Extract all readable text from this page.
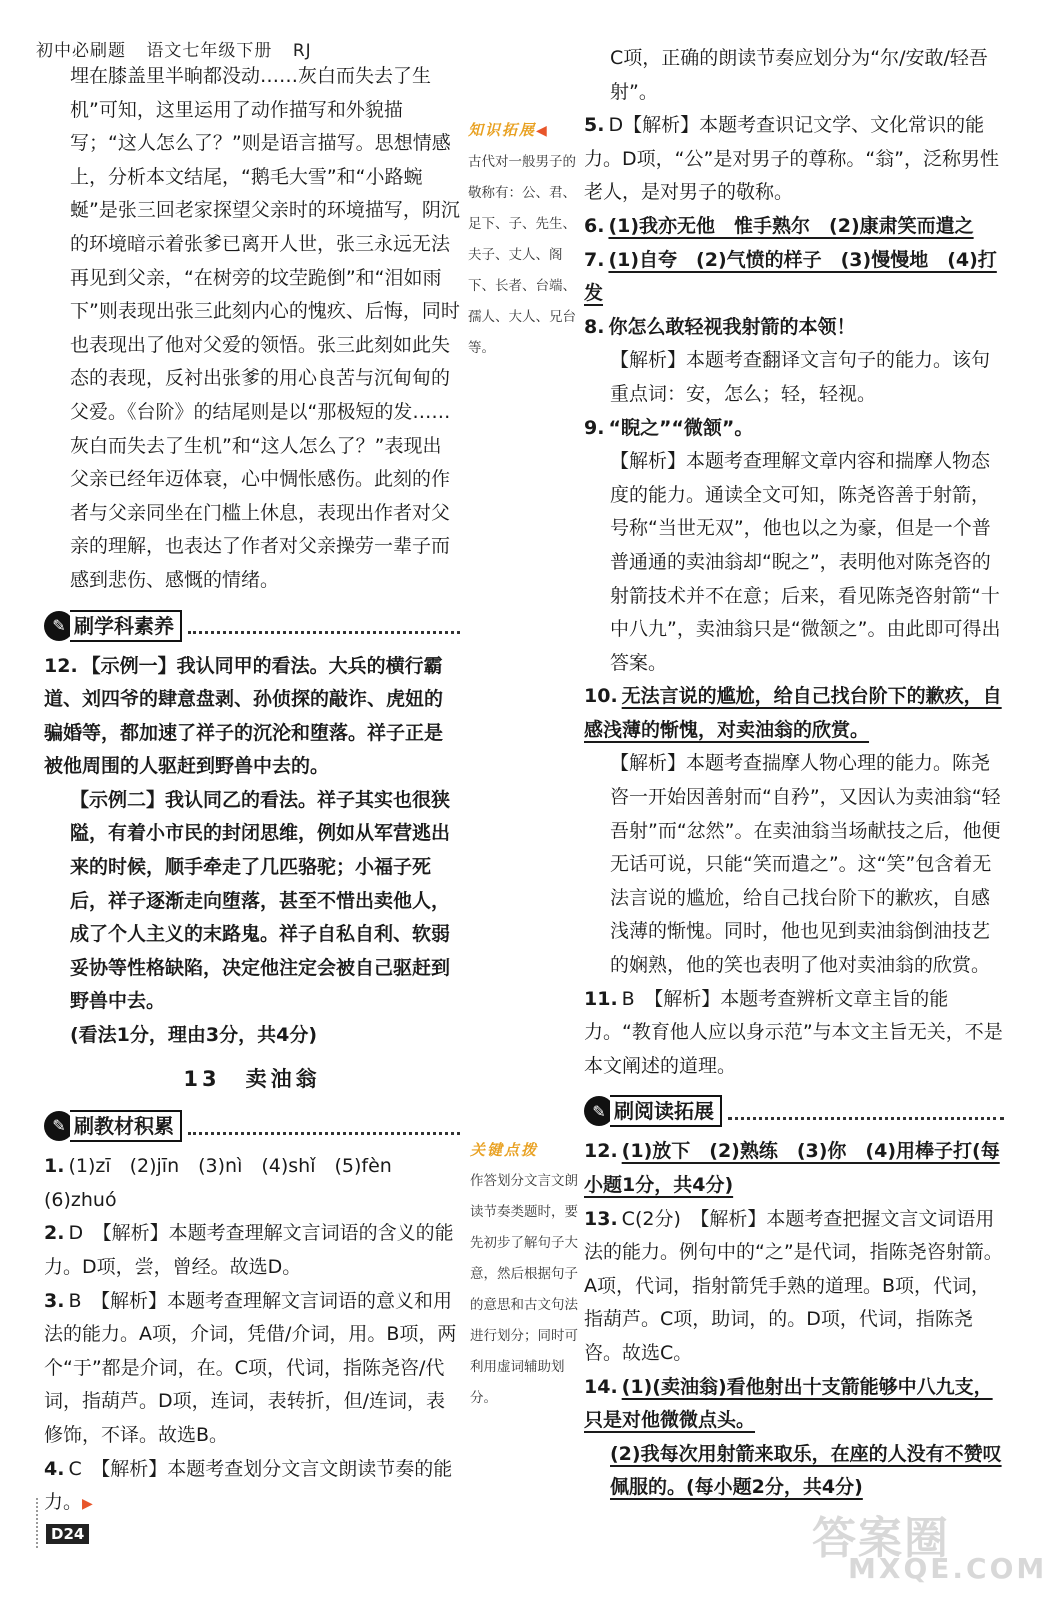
初中必刷题 语文七年级下册 RJ

埋在膝盖里半晌都没动……灰白而失去了生机”可知，这里运用了动作描写和外貌描写；“这人怎么了？”则是语言描写。思想情感上，分析本文结尾，“鹅毛大雪”和“小路蜿蜒”是张三回老家探望父亲时的环境描写，阴沉的环境暗示着张爹已离开人世，张三永远无法再见到父亲，“在树旁的坟茔跪倒”和“泪如雨下”则表现出张三此刻内心的愧疚、后悔，同时也表现出了他对父爱的领悟。张三此刻如此失态的表现，反衬出张爹的用心良苦与沉甸甸的父爱。《台阶》的结尾则是以“那极短的发……灰白而失去了生机”和“这人怎么了？”表现出父亲已经年迈体衰，心中惆怅感伤。此刻的作者与父亲同坐在门槛上休息，表现出作者对父亲的理解，也表达了作者对父亲操劳一辈子而感到悲伤、感慨的情绪。

✎ 刷学科素养

12. 【示例一】我认同甲的看法。大兵的横行霸道、刘四爷的肆意盘剥、孙侦探的敲诈、虎妞的骗婚等，都加速了祥子的沉沦和堕落。祥子正是被他周围的人驱赶到野兽中去的。

【示例二】我认同乙的看法。祥子其实也很狭隘，有着小市民的封闭思维，例如从军营逃出来的时候，顺手牵走了几匹骆驼；小福子死后，祥子逐渐走向堕落，甚至不惜出卖他人，成了个人主义的末路鬼。祥子自私自利、软弱妥协等性格缺陷，决定他注定会被自己驱赶到野兽中去。

(看法1分，理由3分，共4分)

13　卖油翁

✎ 刷教材积累

1. (1)zī　(2)jīn　(3)nì　(4)shǐ　(5)fèn　(6)zhuó

2. D　【解析】本题考查理解文言词语的含义的能力。D项，尝，曾经。故选D。

3. B　【解析】本题考查理解文言词语的意义和用法的能力。A项，介词，凭借/介词，用。B项，两个“于”都是介词，在。C项，代词，指陈尧咨/代词，指葫芦。D项，连词，表转折，但/连词，表修饰，不译。故选B。

4. C　【解析】本题考查划分文言文朗读节奏的能力。▶

知识拓展◀
古代对一般男子的敬称有：公、君、足下、子、先生、夫子、丈人、阁下、长者、台端、孺人、大人、兄台等。
关键点拨
作答划分文言文朗读节奏类题时，要先初步了解句子大意，然后根据句子的意思和古文句法进行划分；同时可利用虚词辅助划分。

C项，正确的朗读节奏应划分为“尔/安敢/轻吾射”。

5. D【解析】本题考查识记文学、文化常识的能力。D项，“公”是对男子的尊称。“翁”，泛称男性老人，是对男子的敬称。

6. (1)我亦无他　惟手熟尔　(2)康肃笑而遣之

7. (1)自夸　(2)气愤的样子　(3)慢慢地　(4)打发

8. 你怎么敢轻视我射箭的本领！

【解析】本题考查翻译文言句子的能力。该句重点词：安，怎么；轻，轻视。

9. “睨之”“微颔”。

【解析】本题考查理解文章内容和揣摩人物态度的能力。通读全文可知，陈尧咨善于射箭，号称“当世无双”，他也以之为豪，但是一个普普通通的卖油翁却“睨之”，表明他对陈尧咨的射箭技术并不在意；后来，看见陈尧咨射箭“十中八九”，卖油翁只是“微颔之”。由此即可得出答案。

10. 无法言说的尴尬，给自己找台阶下的歉疚，自感浅薄的惭愧，对卖油翁的欣赏。

【解析】本题考查揣摩人物心理的能力。陈尧咨一开始因善射而“自矜”，又因认为卖油翁“轻吾射”而“忿然”。在卖油翁当场献技之后，他便无话可说，只能“笑而遣之”。这“笑”包含着无法言说的尴尬，给自己找台阶下的歉疚，自感浅薄的惭愧。同时，他也见到卖油翁倒油技艺的娴熟，他的笑也表明了他对卖油翁的欣赏。

11. B　【解析】本题考查辨析文章主旨的能力。“教育他人应以身示范”与本文主旨无关，不是本文阐述的道理。

✎ 刷阅读拓展

12. (1)放下　(2)熟练　(3)你　(4)用棒子打(每小题1分，共4分)

13. C(2分)　【解析】本题考查把握文言文词语用法的能力。例句中的“之”是代词，指陈尧咨射箭。A项，代词，指射箭凭手熟的道理。B项，代词，指葫芦。C项，助词，的。D项，代词，指陈尧咨。故选C。

14. (1)(卖油翁)看他射出十支箭能够中八九支，只是对他微微点头。

(2)我每次用射箭来取乐，在座的人没有不赞叹佩服的。(每小题2分，共4分)

D24	答案圈
MXQE.COM
